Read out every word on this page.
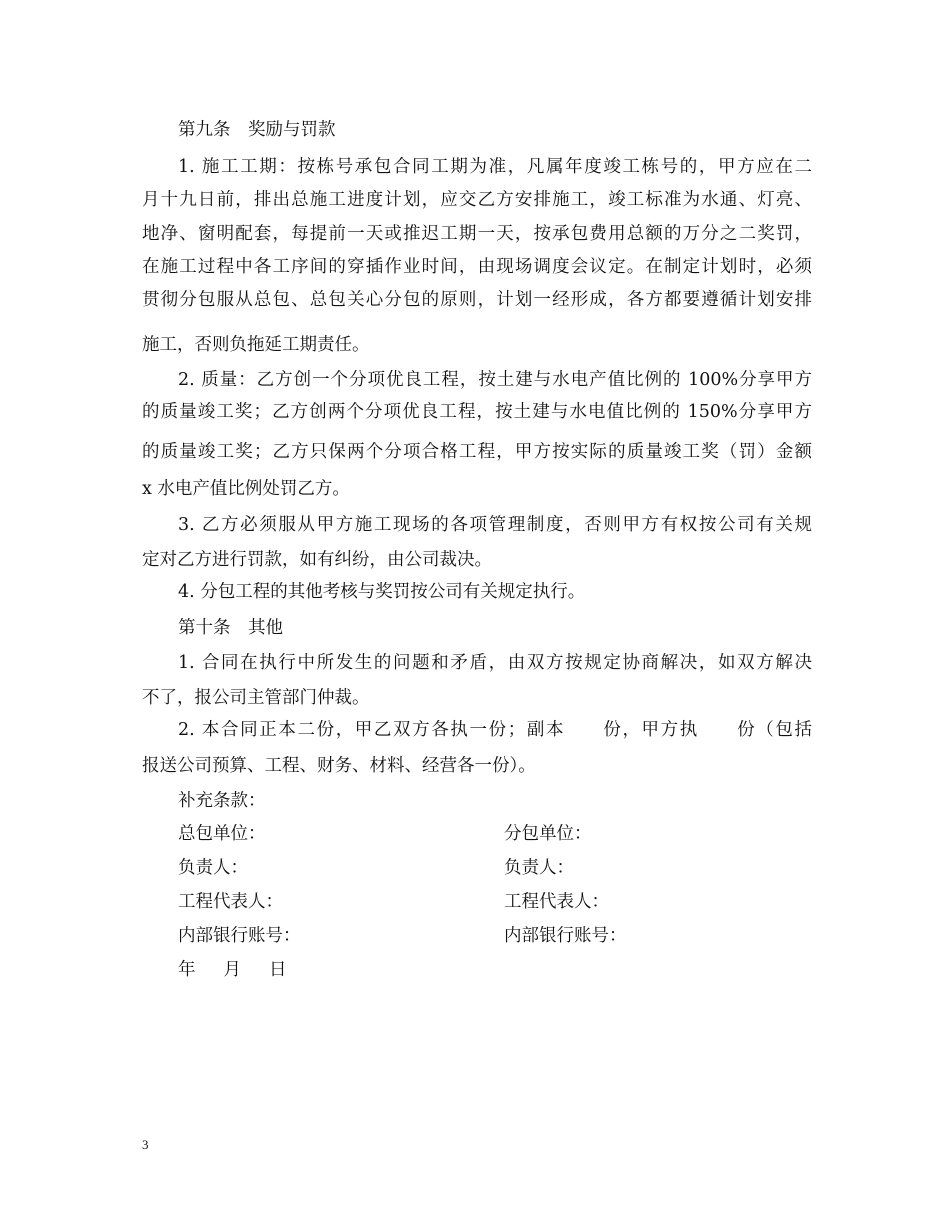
第九条　奖励与罚款
1. 施工工期：按栋号承包合同工期为准，凡属年度竣工栋号的，甲方应在二
月十九日前，排出总施工进度计划，应交乙方安排施工，竣工标准为水通、灯亮、
地净、窗明配套，每提前一天或推迟工期一天，按承包费用总额的万分之二奖罚，
在施工过程中各工序间的穿插作业时间，由现场调度会议定。在制定计划时，必须
贯彻分包服从总包、总包关心分包的原则，计划一经形成，各方都要遵循计划安排
施工，否则负拖延工期责任。
2. 质量：乙方创一个分项优良工程，按土建与水电产值比例的 100%分享甲方
的质量竣工奖；乙方创两个分项优良工程，按土建与水电值比例的 150%分享甲方
的质量竣工奖；乙方只保两个分项合格工程，甲方按实际的质量竣工奖（罚）金额
x 水电产值比例处罚乙方。
3. 乙方必须服从甲方施工现场的各项管理制度，否则甲方有权按公司有关规
定对乙方进行罚款，如有纠纷，由公司裁决。
4. 分包工程的其他考核与奖罚按公司有关规定执行。
第十条　其他
1. 合同在执行中所发生的问题和矛盾，由双方按规定协商解决，如双方解决
不了，报公司主管部门仲裁。
2. 本合同正本二份，甲乙双方各执一份；副本　　份，甲方执　　份（包括
报送公司预算、工程、财务、材料、经营各一份）。
补充条款：
总包单位：	分包单位：
负责人：	负责人：
工程代表人：	工程代表人：
内部银行账号：	内部银行账号：
年 月 日
3
